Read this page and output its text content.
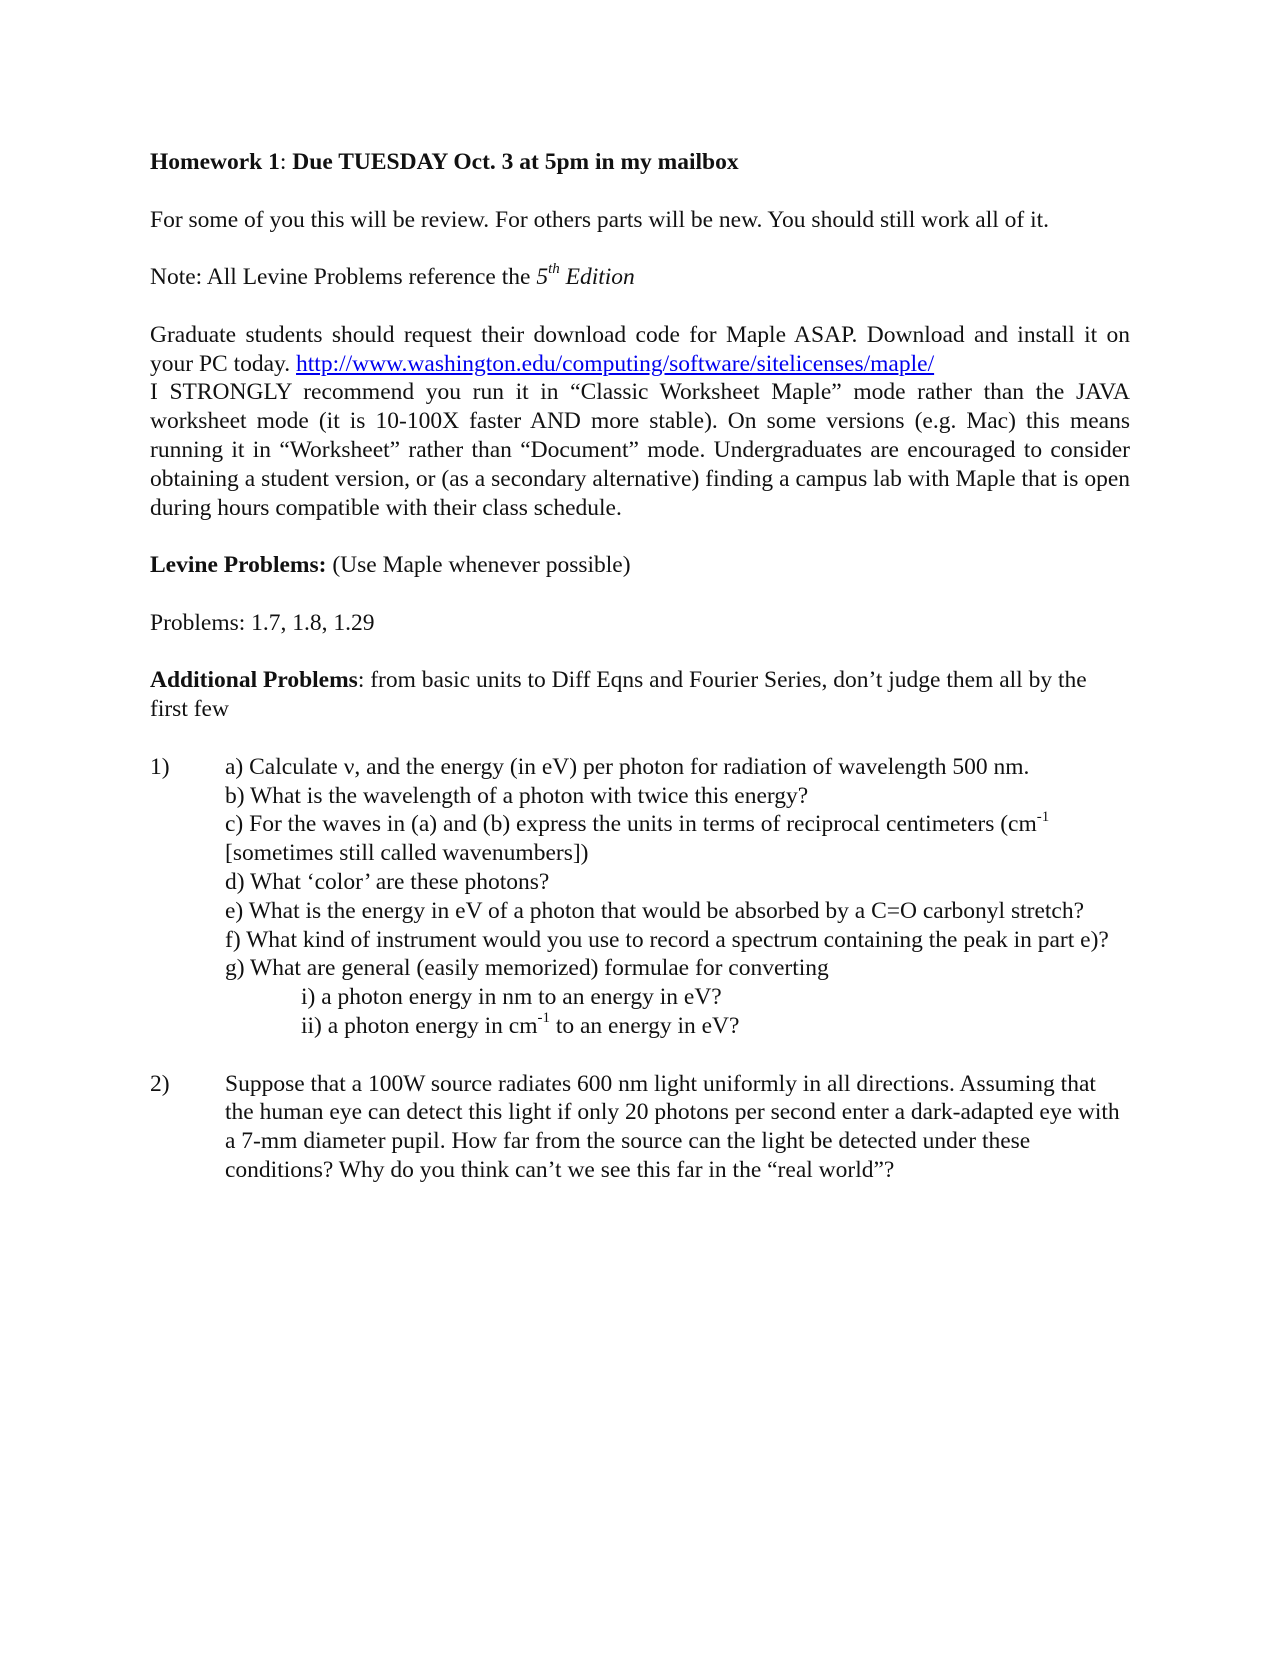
Homework 1: Due TUESDAY Oct. 3 at 5pm in my mailbox

For some of you this will be review. For others parts will be new. You should still work all of it.

Note: All Levine Problems reference the 5th Edition

Graduate students should request their download code for Maple ASAP. Download and install it on your PC today. http://www.washington.edu/computing/software/sitelicenses/maple/
I STRONGLY recommend you run it in “Classic Worksheet Maple” mode rather than the JAVA worksheet mode (it is 10-100X faster AND more stable). On some versions (e.g. Mac) this means running it in “Worksheet” rather than “Document” mode. Undergraduates are encouraged to consider obtaining a student version, or (as a secondary alternative) finding a campus lab with Maple that is open during hours compatible with their class schedule.

Levine Problems: (Use Maple whenever possible)

Problems: 1.7, 1.8, 1.29

Additional Problems: from basic units to Diff Eqns and Fourier Series, don’t judge them all by the first few

1) a) Calculate ν, and the energy (in eV) per photon for radiation of wavelength 500 nm.

b) What is the wavelength of a photon with twice this energy?

c) For the waves in (a) and (b) express the units in terms of reciprocal centimeters ($cm^{-1}$ [sometimes still called wavenumbers])

d) What ‘color’ are these photons?

e) What is the energy in eV of a photon that would be absorbed by a C=O carbonyl stretch?

f) What kind of instrument would you use to record a spectrum containing the peak in part e)?

g) What are general (easily memorized) formulae for converting

i) a photon energy in nm to an energy in eV?

ii) a photon energy in $cm^{-1}$ to an energy in eV?

2) Suppose that a 100W source radiates 600 nm light uniformly in all directions. Assuming that the human eye can detect this light if only 20 photons per second enter a dark-adapted eye with a 7-mm diameter pupil. How far from the source can the light be detected under these conditions? Why do you think can’t we see this far in the “real world”?
